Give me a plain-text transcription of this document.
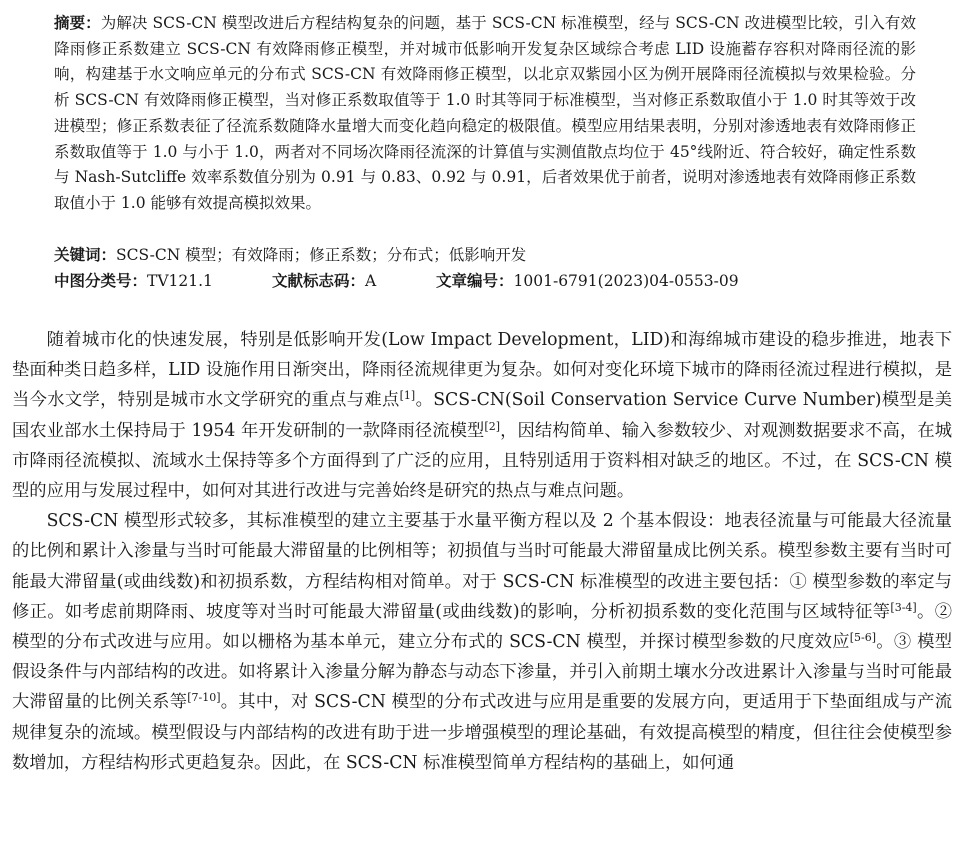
摘要：为解决 SCS-CN 模型改进后方程结构复杂的问题，基于 SCS-CN 标准模型，经与 SCS-CN 改进模型比较，引入有效降雨修正系数建立 SCS-CN 有效降雨修正模型，并对城市低影响开发复杂区域综合考虑 LID 设施蓄存容积对降雨径流的影响，构建基于水文响应单元的分布式 SCS-CN 有效降雨修正模型，以北京双紫园小区为例开展降雨径流模拟与效果检验。分析 SCS-CN 有效降雨修正模型，当对修正系数取值等于 1.0 时其等同于标准模型，当对修正系数取值小于 1.0 时其等效于改进模型；修正系数表征了径流系数随降水量增大而变化趋向稳定的极限值。模型应用结果表明，分别对渗透地表有效降雨修正系数取值等于 1.0 与小于 1.0，两者对不同场次降雨径流深的计算值与实测值散点均位于 45°线附近、符合较好，确定性系数与 Nash-Sutcliffe 效率系数值分别为 0.91 与 0.83、0.92 与 0.91，后者效果优于前者，说明对渗透地表有效降雨修正系数取值小于 1.0 能够有效提高模拟效果。
关键词：SCS-CN 模型；有效降雨；修正系数；分布式；低影响开发
中图分类号：TV121.1	文献标志码：A	文章编号：1001-6791(2023)04-0553-09

随着城市化的快速发展，特别是低影响开发(Low Impact Development，LID)和海绵城市建设的稳步推进，地表下垫面种类日趋多样，LID 设施作用日渐突出，降雨径流规律更为复杂。如何对变化环境下城市的降雨径流过程进行模拟，是当今水文学，特别是城市水文学研究的重点与难点[1]。SCS-CN(Soil Conservation Service Curve Number)模型是美国农业部水土保持局于 1954 年开发研制的一款降雨径流模型[2]，因结构简单、输入参数较少、对观测数据要求不高，在城市降雨径流模拟、流域水土保持等多个方面得到了广泛的应用，且特别适用于资料相对缺乏的地区。不过，在 SCS-CN 模型的应用与发展过程中，如何对其进行改进与完善始终是研究的热点与难点问题。

SCS-CN 模型形式较多，其标准模型的建立主要基于水量平衡方程以及 2 个基本假设：地表径流量与可能最大径流量的比例和累计入渗量与当时可能最大滞留量的比例相等；初损值与当时可能最大滞留量成比例关系。模型参数主要有当时可能最大滞留量(或曲线数)和初损系数，方程结构相对简单。对于 SCS-CN 标准模型的改进主要包括：① 模型参数的率定与修正。如考虑前期降雨、坡度等对当时可能最大滞留量(或曲线数)的影响，分析初损系数的变化范围与区域特征等[3-4]。② 模型的分布式改进与应用。如以栅格为基本单元，建立分布式的 SCS-CN 模型，并探讨模型参数的尺度效应[5-6]。③ 模型假设条件与内部结构的改进。如将累计入渗量分解为静态与动态下渗量，并引入前期土壤水分改进累计入渗量与当时可能最大滞留量的比例关系等[7-10]。其中，对 SCS-CN 模型的分布式改进与应用是重要的发展方向，更适用于下垫面组成与产流规律复杂的流域。模型假设与内部结构的改进有助于进一步增强模型的理论基础，有效提高模型的精度，但往往会使模型参数增加，方程结构形式更趋复杂。因此，在 SCS-CN 标准模型简单方程结构的基础上，如何通
